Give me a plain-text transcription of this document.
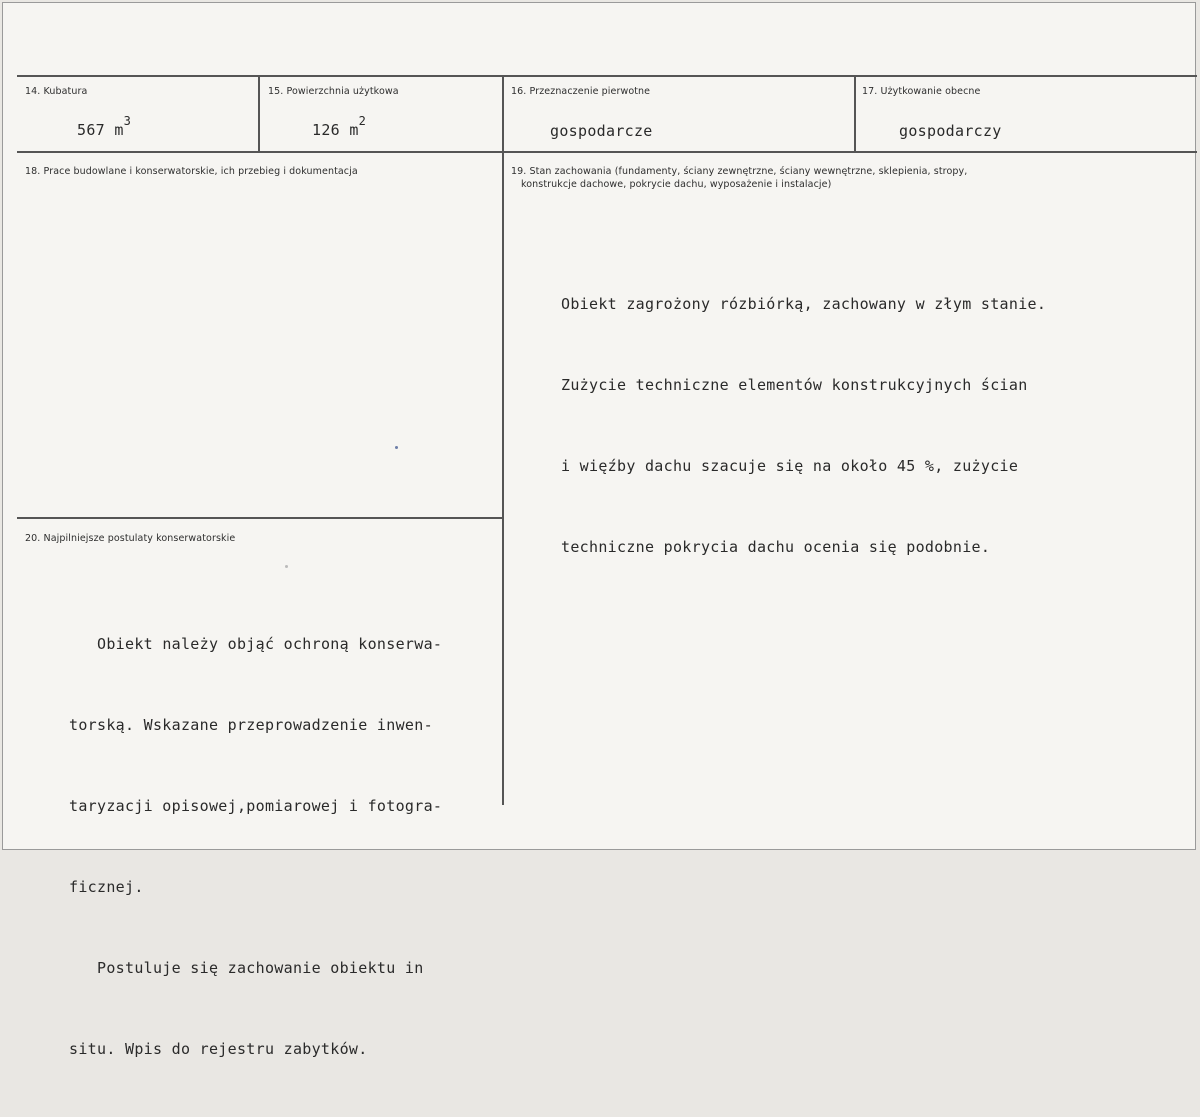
14. Kubatura
567 $m^3$
15. Powierzchnia użytkowa
126 $m^2$
16. Przeznaczenie pierwotne
gospodarcze
17. Użytkowanie obecne
gospodarczy
18. Prace budowlane i konserwatorskie, ich przebieg i dokumentacja	19. Stan zachowania (fundamenty, ściany zewnętrzne, ściany wewnętrzne, sklepienia, stropy,
konstrukcje dachowe, pokrycie dachu, wyposażenie i instalacje)

Obiekt zagrożony rózbiórką, zachowany w złym stanie.

Zużycie techniczne elementów konstrukcyjnych ścian

i więźby dachu szacuje się na około 45 %, zużycie

techniczne pokrycia dachu ocenia się podobnie.

20. Najpilniejsze postulaty konserwatorskie

Obiekt należy objąć ochroną konserwa-

torską. Wskazane przeprowadzenie inwen-

taryzacji opisowej,pomiarowej i fotogra-

ficznej.

Postuluje się zachowanie obiektu in

situ. Wpis do rejestru zabytków.
